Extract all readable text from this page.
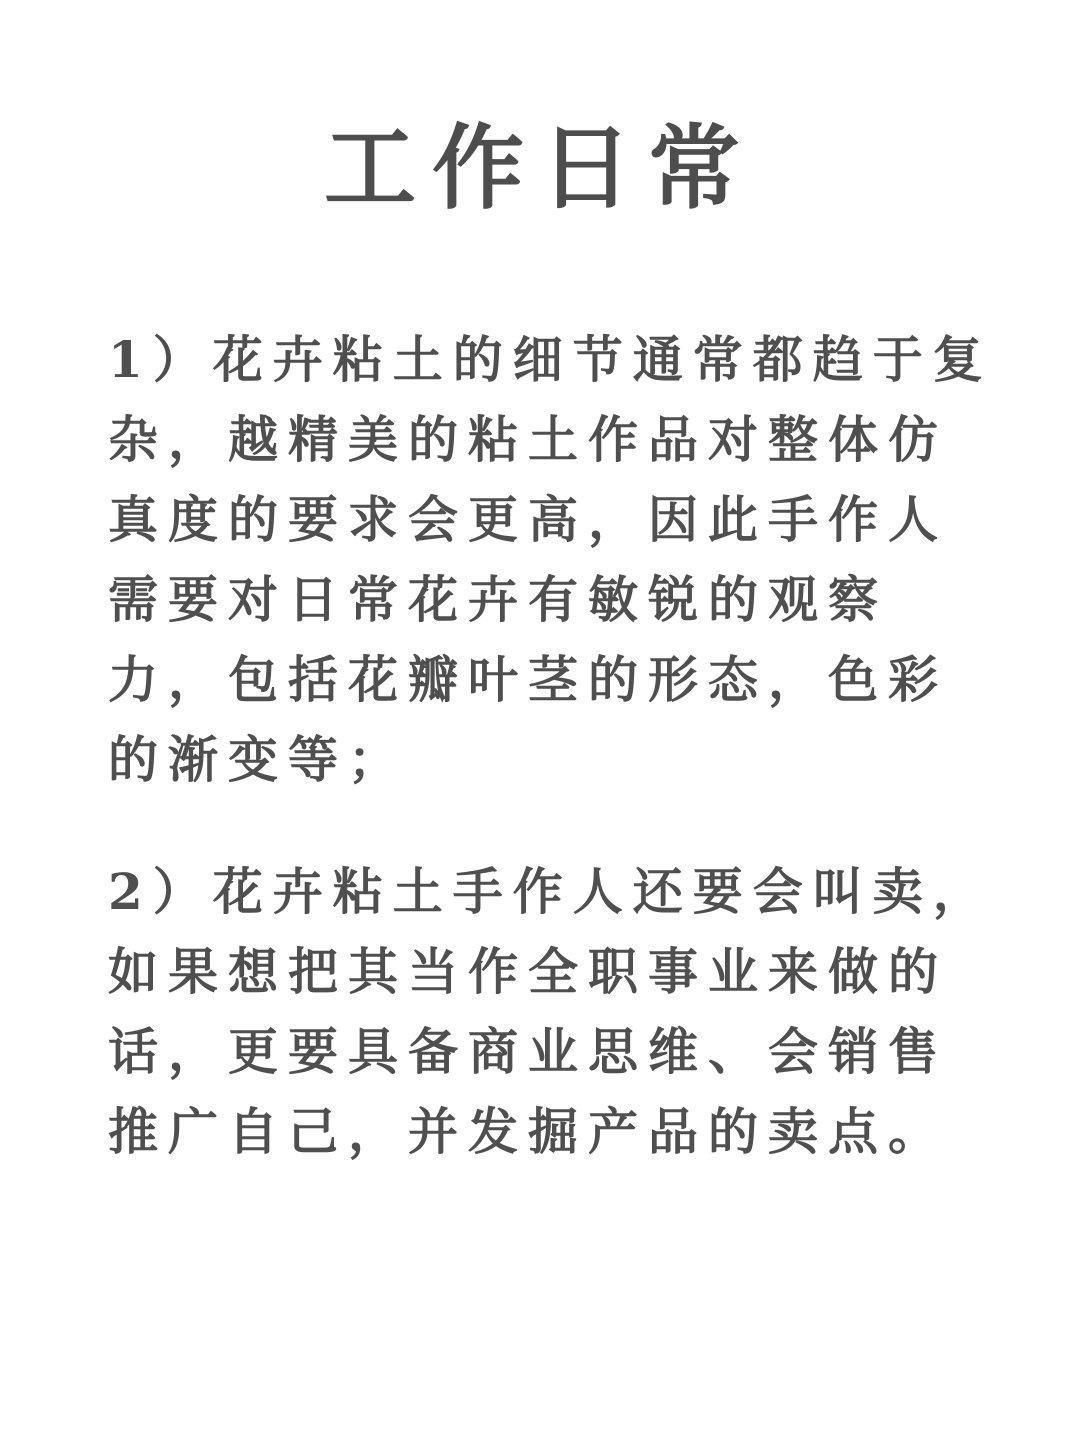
工作日常

1）花卉粘土的细节通常都趋于复
杂，越精美的粘土作品对整体仿
真度的要求会更高，因此手作人
需要对日常花卉有敏锐的观察
力，包括花瓣叶茎的形态，色彩
的渐变等；

2）花卉粘土手作人还要会叫卖，
如果想把其当作全职事业来做的
话，更要具备商业思维、会销售
推广自己，并发掘产品的卖点。
